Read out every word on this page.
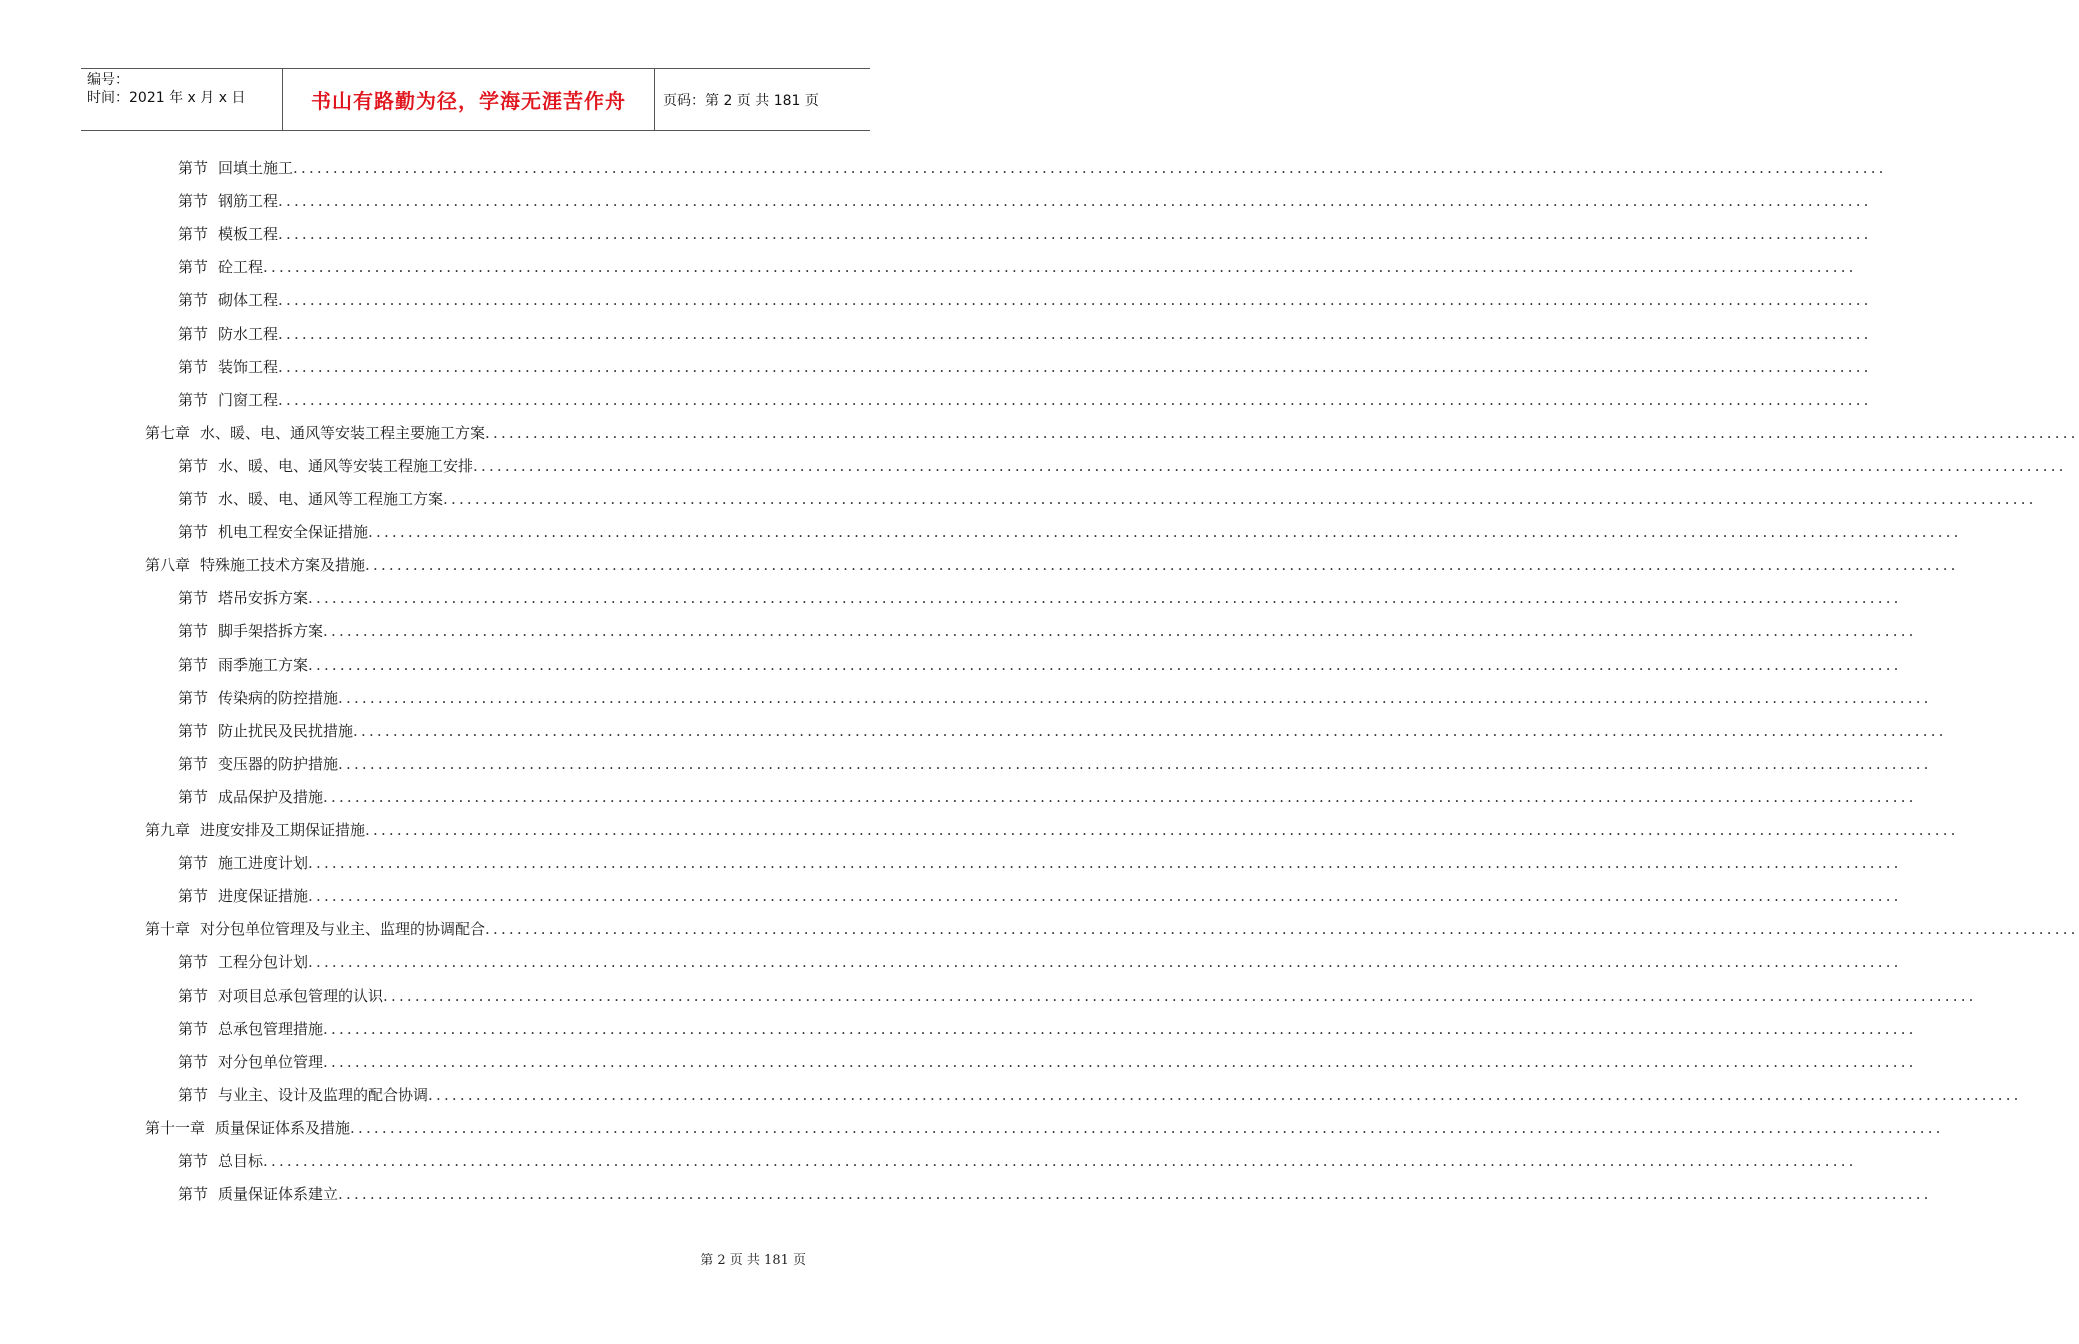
编号：
时间：2021 年 x 月 x 日	书山有路勤为径，学海无涯苦作舟	页码：第 2 页 共 181 页
第节 回填土施工 ........................................................................................................................................................................................................
第节 钢筋工程 ........................................................................................................................................................................................................
第节 模板工程 ........................................................................................................................................................................................................
第节 砼工程 ........................................................................................................................................................................................................
第节 砌体工程 ........................................................................................................................................................................................................
第节 防水工程 ........................................................................................................................................................................................................
第节 装饰工程 ........................................................................................................................................................................................................
第节 门窗工程 ........................................................................................................................................................................................................
第七章 水、暖、电、通风等安装工程主要施工方案 ........................................................................................................................................................................................................
第节 水、暖、电、通风等安装工程施工安排 ........................................................................................................................................................................................................
第节 水、暖、电、通风等工程施工方案 ........................................................................................................................................................................................................
第节 机电工程安全保证措施 ........................................................................................................................................................................................................
第八章 特殊施工技术方案及措施 ........................................................................................................................................................................................................
第节 塔吊安拆方案 ........................................................................................................................................................................................................
第节 脚手架搭拆方案 ........................................................................................................................................................................................................
第节 雨季施工方案 ........................................................................................................................................................................................................
第节 传染病的防控措施 ........................................................................................................................................................................................................
第节 防止扰民及民扰措施 ........................................................................................................................................................................................................
第节 变压器的防护措施 ........................................................................................................................................................................................................
第节 成品保护及措施 ........................................................................................................................................................................................................
第九章 进度安排及工期保证措施 ........................................................................................................................................................................................................
第节 施工进度计划 ........................................................................................................................................................................................................
第节 进度保证措施 ........................................................................................................................................................................................................
第十章 对分包单位管理及与业主、监理的协调配合 ........................................................................................................................................................................................................
第节 工程分包计划 ........................................................................................................................................................................................................
第节 对项目总承包管理的认识 ........................................................................................................................................................................................................
第节 总承包管理措施 ........................................................................................................................................................................................................
第节 对分包单位管理 ........................................................................................................................................................................................................
第节 与业主、设计及监理的配合协调 ........................................................................................................................................................................................................
第十一章 质量保证体系及措施 ........................................................................................................................................................................................................
第节 总目标 ........................................................................................................................................................................................................
第节 质量保证体系建立 ........................................................................................................................................................................................................
第 2 页 共 181 页
